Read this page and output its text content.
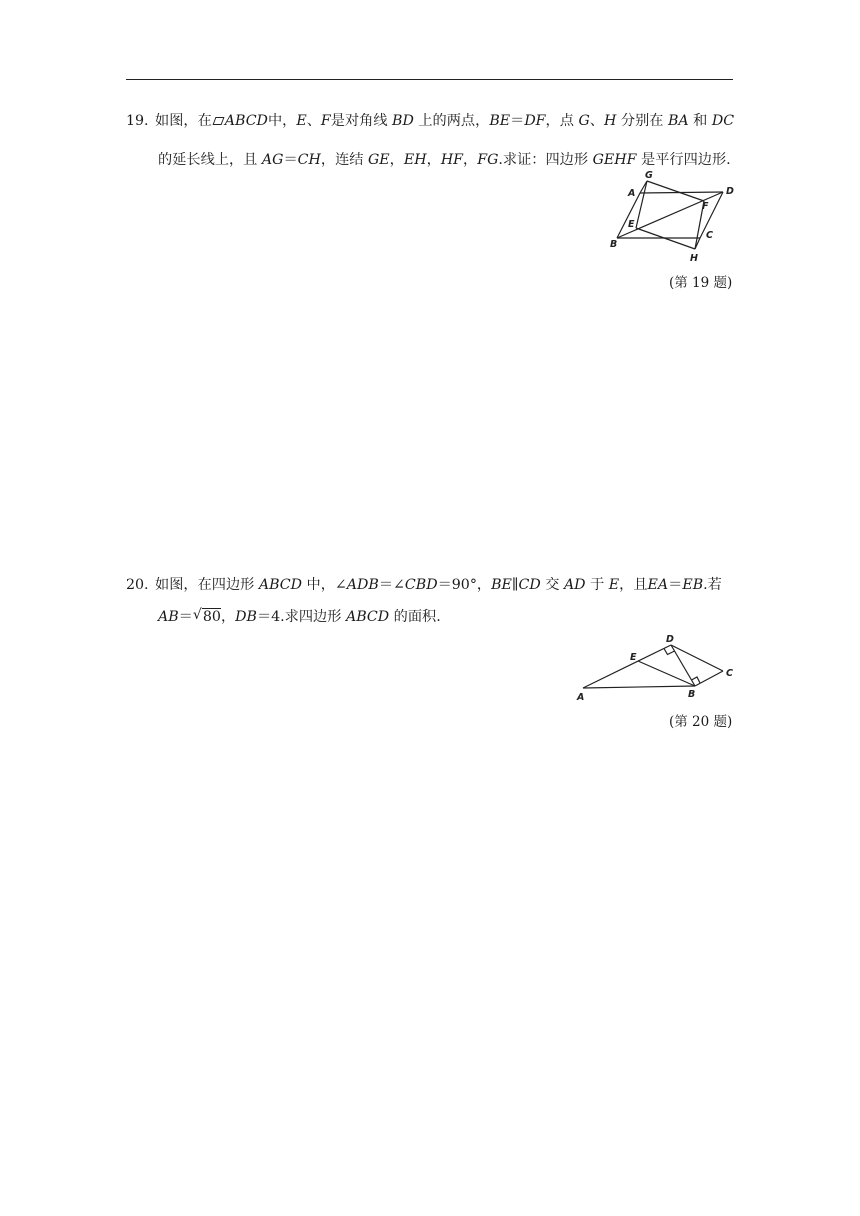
19. 如图，在 ABCD中，E、F是对角线 BD 上的两点，BE＝DF，点 G、H 分别在 BA 和 DC
的延长线上，且 AG＝CH，连结 GE，EH，HF，FG.求证：四边形 GEHF 是平行四边形.
G
A	D
F
E
B
C
H
(第 19 题)
20. 如图，在四边形 ABCD 中，∠ADB＝∠CBD＝90°，BE∥CD 交 AD 于 E，且EA＝EB.若
AB＝ √ 80，DB＝4.求四边形 ABCD 的面积.
D
E
C
A	B
(第 20 题)
